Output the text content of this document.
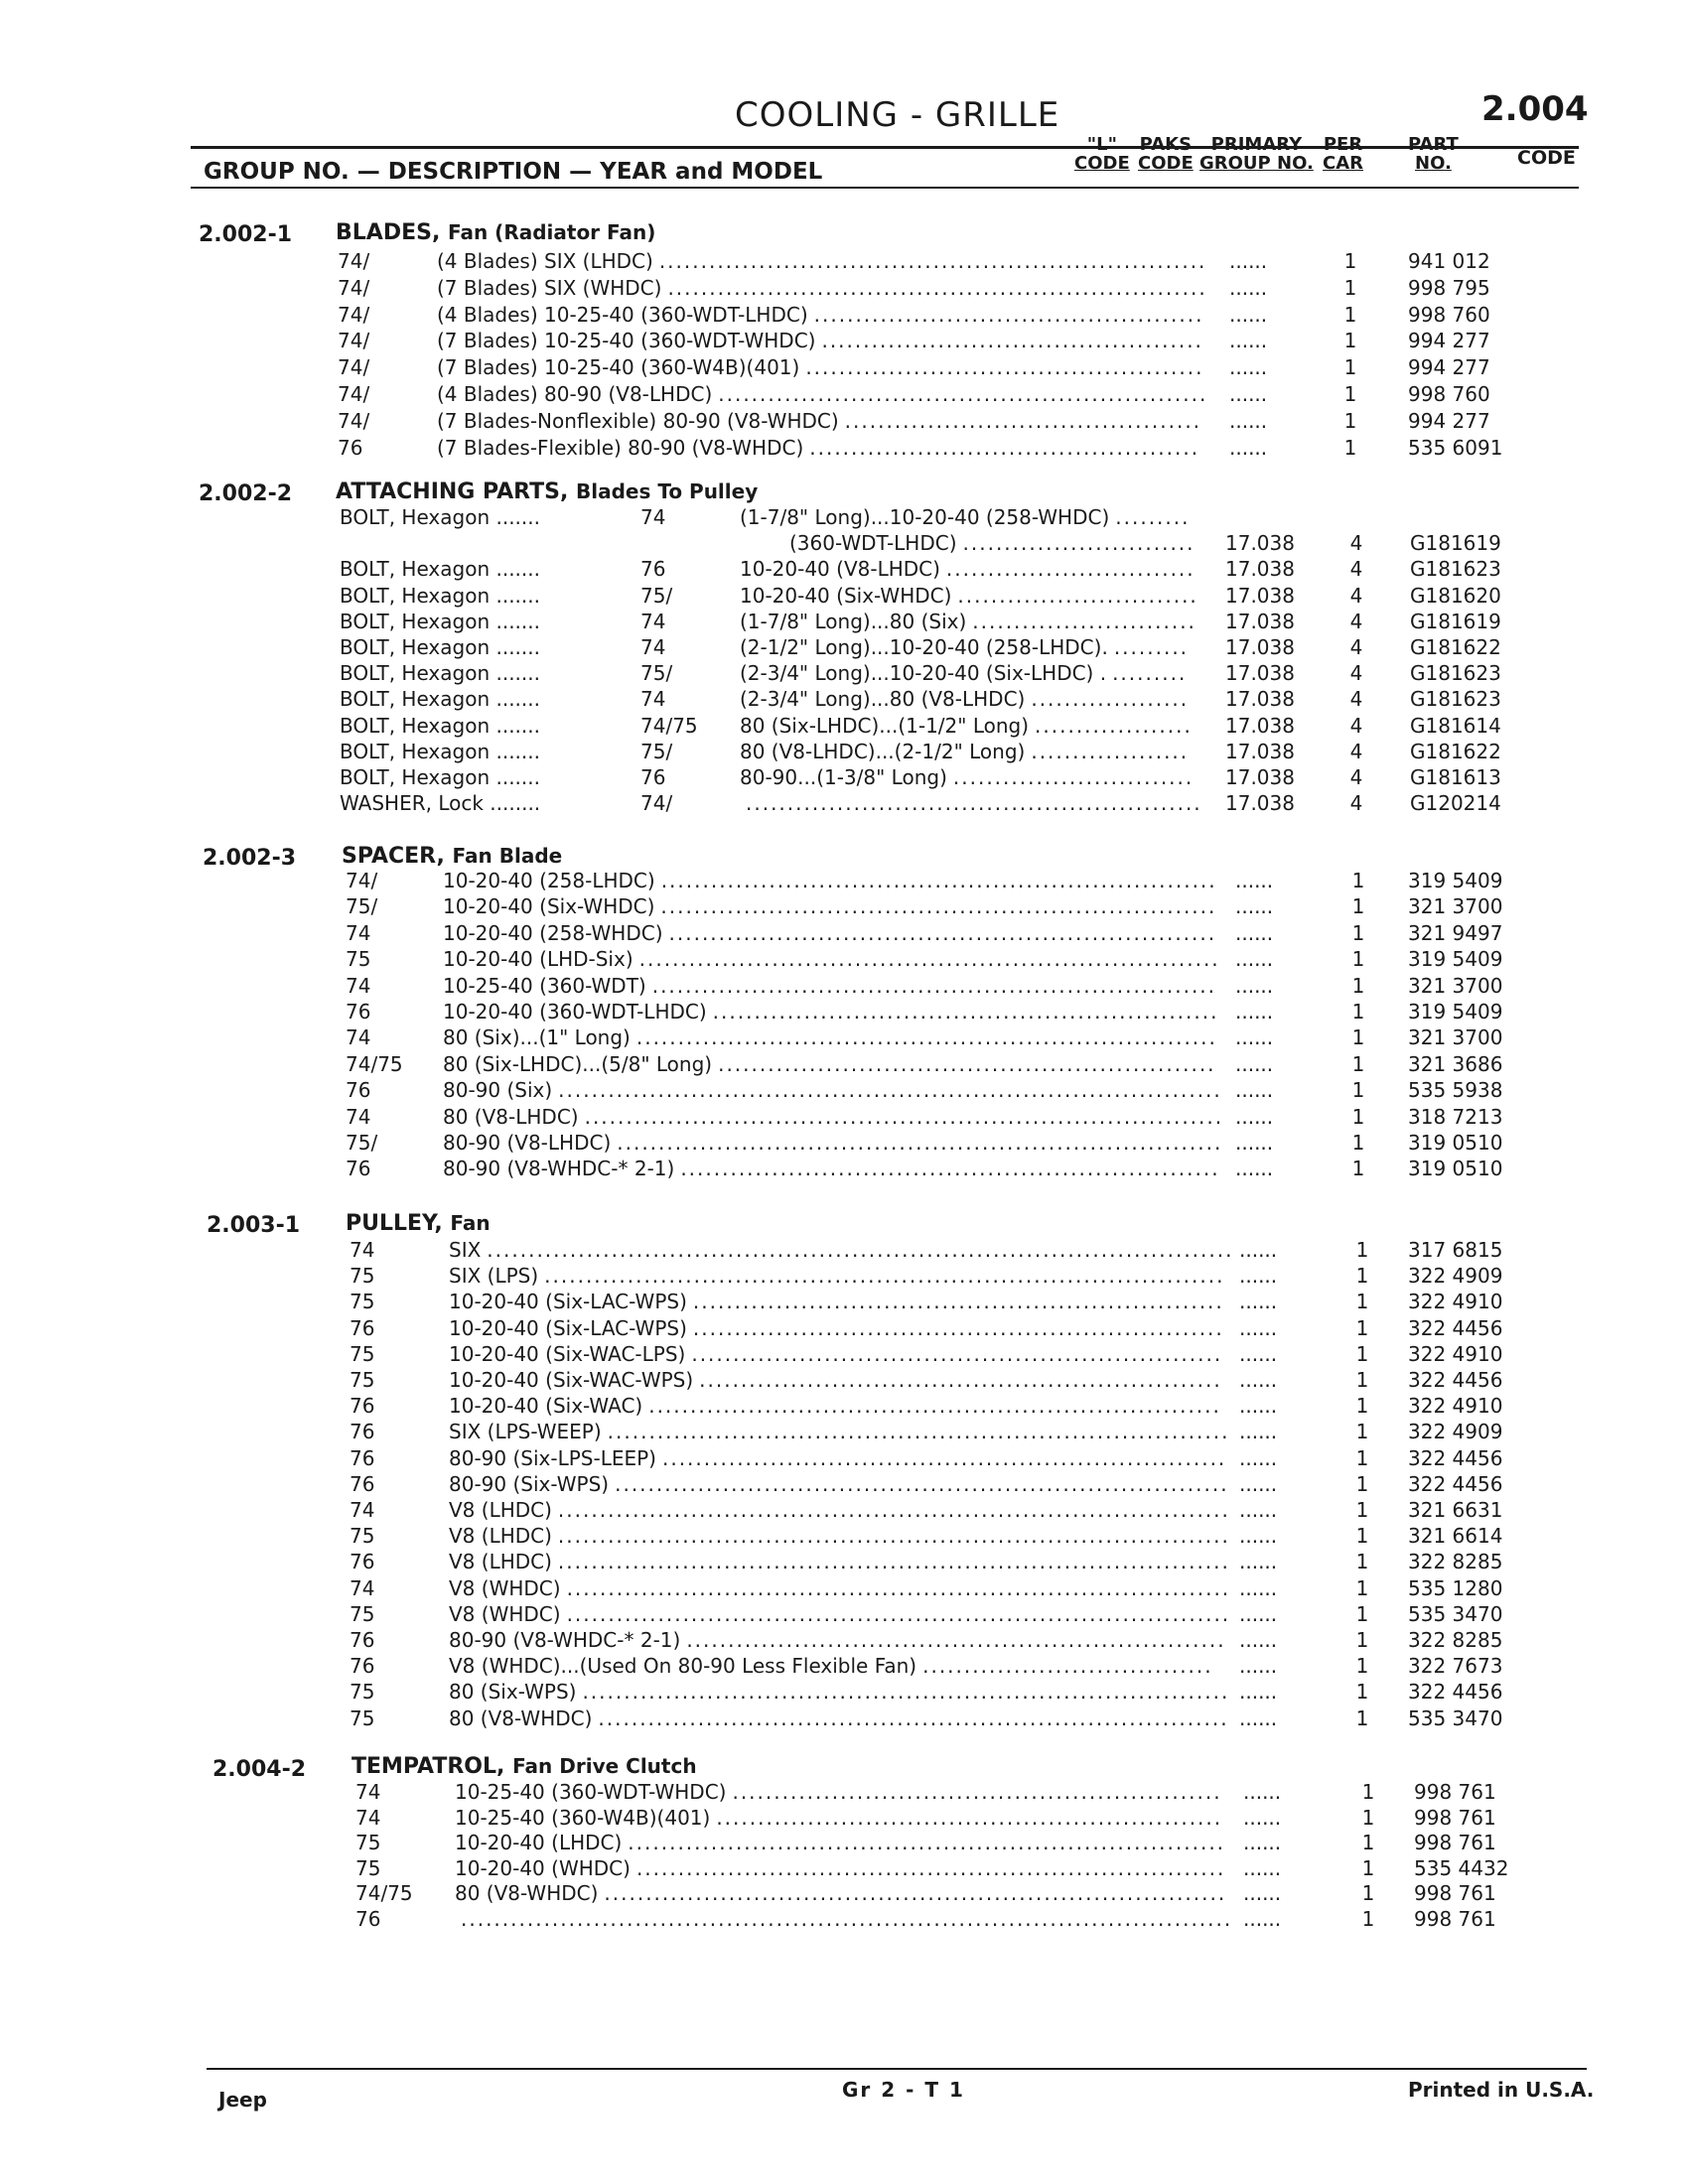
COOLING - GRILLE	2.004
GROUP NO. — DESCRIPTION — YEAR and MODEL
"L"
CODE
PAKS
CODE
PRIMARY
GROUP NO.
PER
CAR
PART
NO.	CODE
2.002-1 BLADES, Fan (Radiator Fan)
74/	(4 Blades) SIX (LHDC) .................................................................. ......	1	941 012
74/	(7 Blades) SIX (WHDC) ................................................................. ......	1	998 795
74/	(4 Blades) 10-25-40 (360-WDT-LHDC) ............................................... ......	1	998 760
74/	(7 Blades) 10-25-40 (360-WDT-WHDC) .............................................. ......	1	994 277
74/	(7 Blades) 10-25-40 (360-W4B)(401) ................................................ ......	1	994 277
74/	(4 Blades) 80-90 (V8-LHDC) ........................................................... ......	1	998 760
74/	(7 Blades-Nonflexible) 80-90 (V8-WHDC) ........................................... ......	1	994 277
76	(7 Blades-Flexible) 80-90 (V8-WHDC) ............................................... ......	1	535 6091
2.002-2 ATTACHING PARTS, Blades To Pulley
BOLT, Hexagon .......	74	(1-7/8" Long)...10-20-40 (258-WHDC) .........
(360-WDT-LHDC) ............................ 17.038	4	G181619
BOLT, Hexagon .......	76	10-20-40 (V8-LHDC) .............................. 17.038	4	G181623
BOLT, Hexagon .......	75/	10-20-40 (Six-WHDC) ............................. 17.038	4	G181620
BOLT, Hexagon .......	74	(1-7/8" Long)...80 (Six) ........................... 17.038	4	G181619
BOLT, Hexagon .......	74	(2-1/2" Long)...10-20-40 (258-LHDC). ......... 17.038	4	G181622
BOLT, Hexagon .......	75/	(2-3/4" Long)...10-20-40 (Six-LHDC) . ......... 17.038	4	G181623
BOLT, Hexagon .......	74	(2-3/4" Long)...80 (V8-LHDC) ................... 17.038	4	G181623
BOLT, Hexagon .......	74/75 80 (Six-LHDC)...(1-1/2" Long) ................... 17.038	4	G181614
BOLT, Hexagon .......	75/	80 (V8-LHDC)...(2-1/2" Long) ................... 17.038	4	G181622
BOLT, Hexagon .......	76	80-90...(1-3/8" Long) ............................. 17.038	4	G181613
WASHER, Lock ........	74/	....................................................... 17.038	4	G120214
2.002-3 SPACER, Fan Blade
74/	10-20-40 (258-LHDC) ................................................................... ......	1	319 5409
75/	10-20-40 (Six-WHDC) ................................................................... ......	1	321 3700
74	10-20-40 (258-WHDC) .................................................................. ......	1	321 9497
75	10-20-40 (LHD-Six) ...................................................................... ......	1	319 5409
74	10-25-40 (360-WDT) .................................................................... ......	1	321 3700
76	10-20-40 (360-WDT-LHDC) ............................................................. ......	1	319 5409
74	80 (Six)...(1" Long) ...................................................................... ......	1	321 3700
74/75 80 (Six-LHDC)...(5/8" Long) ............................................................ ......	1	321 3686
76	80-90 (Six) ................................................................................ ......	1	535 5938
74	80 (V8-LHDC) ............................................................................. ......	1	318 7213
75/	80-90 (V8-LHDC) ......................................................................... ......	1	319 0510
76	80-90 (V8-WHDC-* 2-1) ................................................................. ......	1	319 0510
2.003-1 PULLEY, Fan
74	SIX .......................................................................................... ......	1	317 6815
75	SIX (LPS) .................................................................................. ......	1	322 4909
75	10-20-40 (Six-LAC-WPS) ................................................................ ......	1	322 4910
76	10-20-40 (Six-LAC-WPS) ................................................................ ......	1	322 4456
75	10-20-40 (Six-WAC-LPS) ................................................................ ......	1	322 4910
75	10-20-40 (Six-WAC-WPS) ............................................................... ......	1	322 4456
76	10-20-40 (Six-WAC) ..................................................................... ......	1	322 4910
76	SIX (LPS-WEEP) ........................................................................... ......	1	322 4909
76	80-90 (Six-LPS-LEEP) .................................................................... ......	1	322 4456
76	80-90 (Six-WPS) .......................................................................... ......	1	322 4456
74	V8 (LHDC) ................................................................................. ......	1	321 6631
75	V8 (LHDC) ................................................................................. ......	1	321 6614
76	V8 (LHDC) ................................................................................. ......	1	322 8285
74	V8 (WHDC) ................................................................................ ......	1	535 1280
75	V8 (WHDC) ................................................................................ ......	1	535 3470
76	80-90 (V8-WHDC-* 2-1) ................................................................. ......	1	322 8285
76	V8 (WHDC)...(Used On 80-90 Less Flexible Fan) ................................... ......	1	322 7673
75	80 (Six-WPS) .............................................................................. ......	1	322 4456
75	80 (V8-WHDC) ............................................................................ ......	1	535 3470
2.004-2 TEMPATROL, Fan Drive Clutch
74	10-25-40 (360-WDT-WHDC) ........................................................... ......	1	998 761
74	10-25-40 (360-W4B)(401) ............................................................. ......	1	998 761
75	10-20-40 (LHDC) ........................................................................ ......	1	998 761
75	10-20-40 (WHDC) ....................................................................... ......	1	535 4432
74/75 80 (V8-WHDC) ........................................................................... ......	1	998 761
76	............................................................................................. ......	1	998 761
Jeep	Gr 2 - T 1	Printed in U.S.A.
